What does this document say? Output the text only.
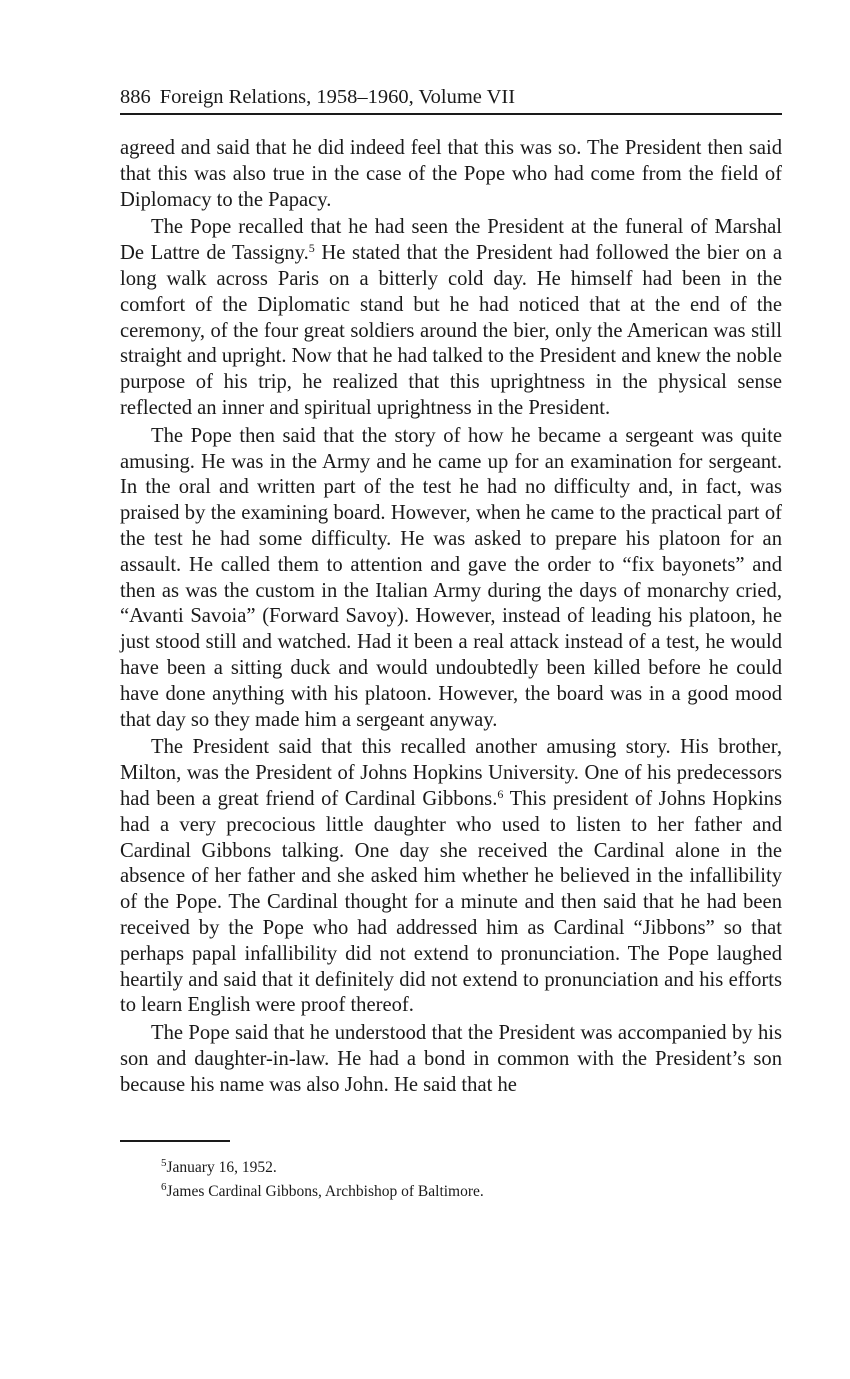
886 Foreign Relations, 1958–1960, Volume VII

agreed and said that he did indeed feel that this was so. The President then said that this was also true in the case of the Pope who had come from the field of Diplomacy to the Papacy.

The Pope recalled that he had seen the President at the funeral of Marshal De Lattre de Tassigny.$^5$ He stated that the President had followed the bier on a long walk across Paris on a bitterly cold day. He himself had been in the comfort of the Diplomatic stand but he had noticed that at the end of the ceremony, of the four great soldiers around the bier, only the American was still straight and upright. Now that he had talked to the President and knew the noble purpose of his trip, he realized that this uprightness in the physical sense reflected an inner and spiritual uprightness in the President.

The Pope then said that the story of how he became a sergeant was quite amusing. He was in the Army and he came up for an examination for sergeant. In the oral and written part of the test he had no difficulty and, in fact, was praised by the examining board. However, when he came to the practical part of the test he had some difficulty. He was asked to prepare his platoon for an assault. He called them to attention and gave the order to “fix bayonets” and then as was the custom in the Italian Army during the days of monarchy cried, “Avanti Savoia” (Forward Savoy). However, instead of leading his platoon, he just stood still and watched. Had it been a real attack instead of a test, he would have been a sitting duck and would undoubtedly been killed before he could have done anything with his platoon. However, the board was in a good mood that day so they made him a sergeant anyway.

The President said that this recalled another amusing story. His brother, Milton, was the President of Johns Hopkins University. One of his predecessors had been a great friend of Cardinal Gibbons.$^6$ This president of Johns Hopkins had a very precocious little daughter who used to listen to her father and Cardinal Gibbons talking. One day she received the Cardinal alone in the absence of her father and she asked him whether he believed in the infallibility of the Pope. The Cardinal thought for a minute and then said that he had been received by the Pope who had addressed him as Cardinal “Jibbons” so that perhaps papal infallibility did not extend to pronunciation. The Pope laughed heartily and said that it definitely did not extend to pronunciation and his efforts to learn English were proof thereof.

The Pope said that he understood that the President was accompanied by his son and daughter-in-law. He had a bond in common with the President’s son because his name was also John. He said that he

$^5$January 16, 1952.

$^6$James Cardinal Gibbons, Archbishop of Baltimore.
